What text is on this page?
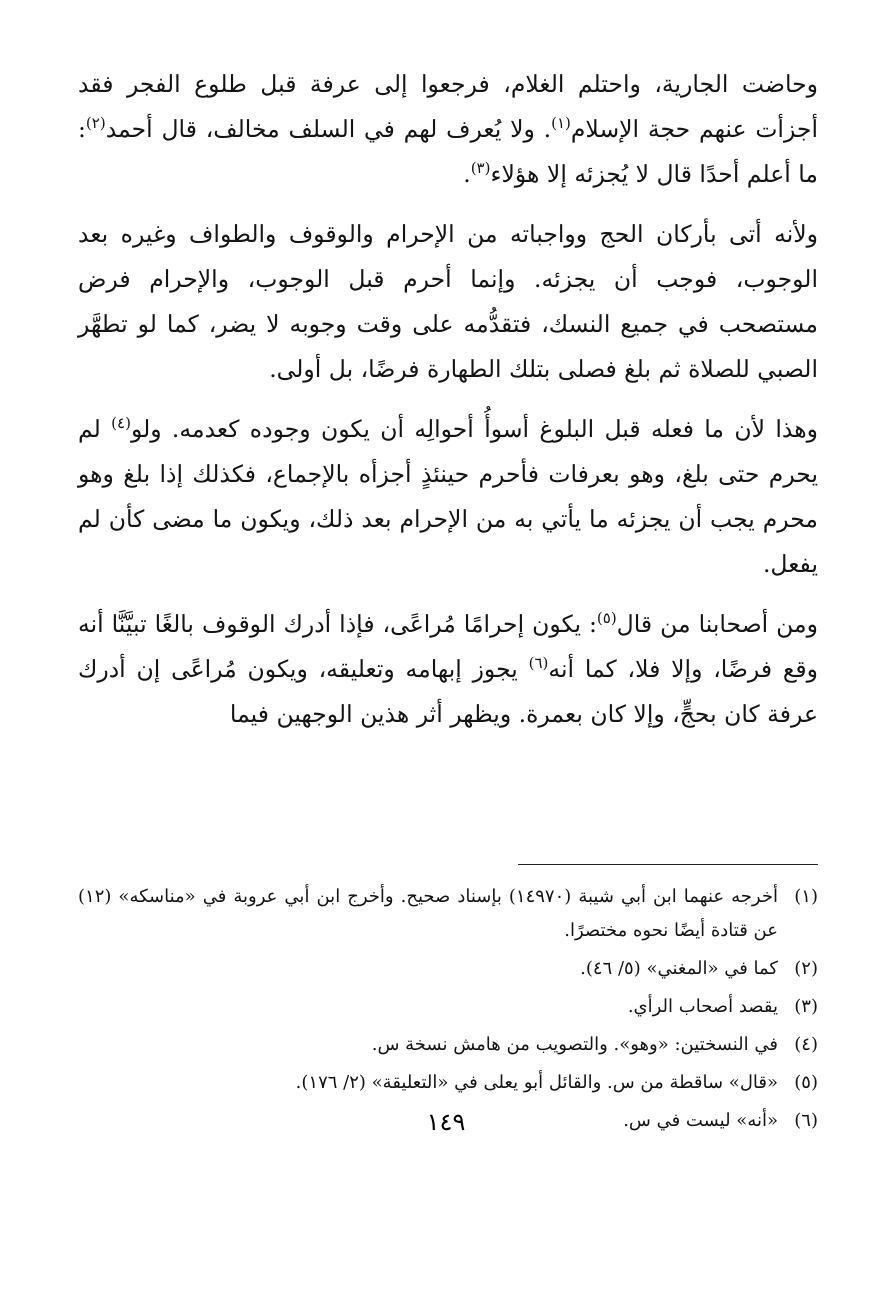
وحاضت الجارية، واحتلم الغلام، فرجعوا إلى عرفة قبل طلوع الفجر فقد أجزأت عنهم حجة الإسلام$^{(١)}$. ولا يُعرف لهم في السلف مخالف، قال أحمد$^{(٢)}$: ما أعلم أحدًا قال لا يُجزئه إلا هؤلاء$^{(٣)}$.

ولأنه أتى بأركان الحج وواجباته من الإحرام والوقوف والطواف وغيره بعد الوجوب، فوجب أن يجزئه. وإنما أحرم قبل الوجوب، والإحرام فرض مستصحب في جميع النسك، فتقدُّمه على وقت وجوبه لا يضر، كما لو تطهَّر الصبي للصلاة ثم بلغ فصلى بتلك الطهارة فرضًا، بل أولى.

وهذا لأن ما فعله قبل البلوغ أسوأُ أحوالِه أن يكون وجوده كعدمه. ولو$^{(٤)}$ لم يحرم حتى بلغ، وهو بعرفات فأحرم حينئذٍ أجزأه بالإجماع، فكذلك إذا بلغ وهو محرم يجب أن يجزئه ما يأتي به من الإحرام بعد ذلك، ويكون ما مضى كأن لم يفعل.

ومن أصحابنا من قال$^{(٥)}$: يكون إحرامًا مُراعًى، فإذا أدرك الوقوف بالغًا تبيَّنَّا أنه وقع فرضًا، وإلا فلا، كما أنه$^{(٦)}$ يجوز إبهامه وتعليقه، ويكون مُراعًى إن أدرك عرفة كان بحجٍّ، وإلا كان بعمرة. ويظهر أثر هذين الوجهين فيما

(١)
أخرجه عنهما ابن أبي شيبة (١٤٩٧٠) بإسناد صحيح. وأخرج ابن أبي عروبة في «مناسكه» (١٢) عن قتادة أيضًا نحوه مختصرًا.
(٢)
كما في «المغني» (٥/ ٤٦).
(٣)
يقصد أصحاب الرأي.
(٤)
في النسختين: «وهو». والتصويب من هامش نسخة س.
(٥)
«قال» ساقطة من س. والقائل أبو يعلى في «التعليقة» (٢/ ١٧٦).
(٦)
«أنه» ليست في س.
١٤٩
